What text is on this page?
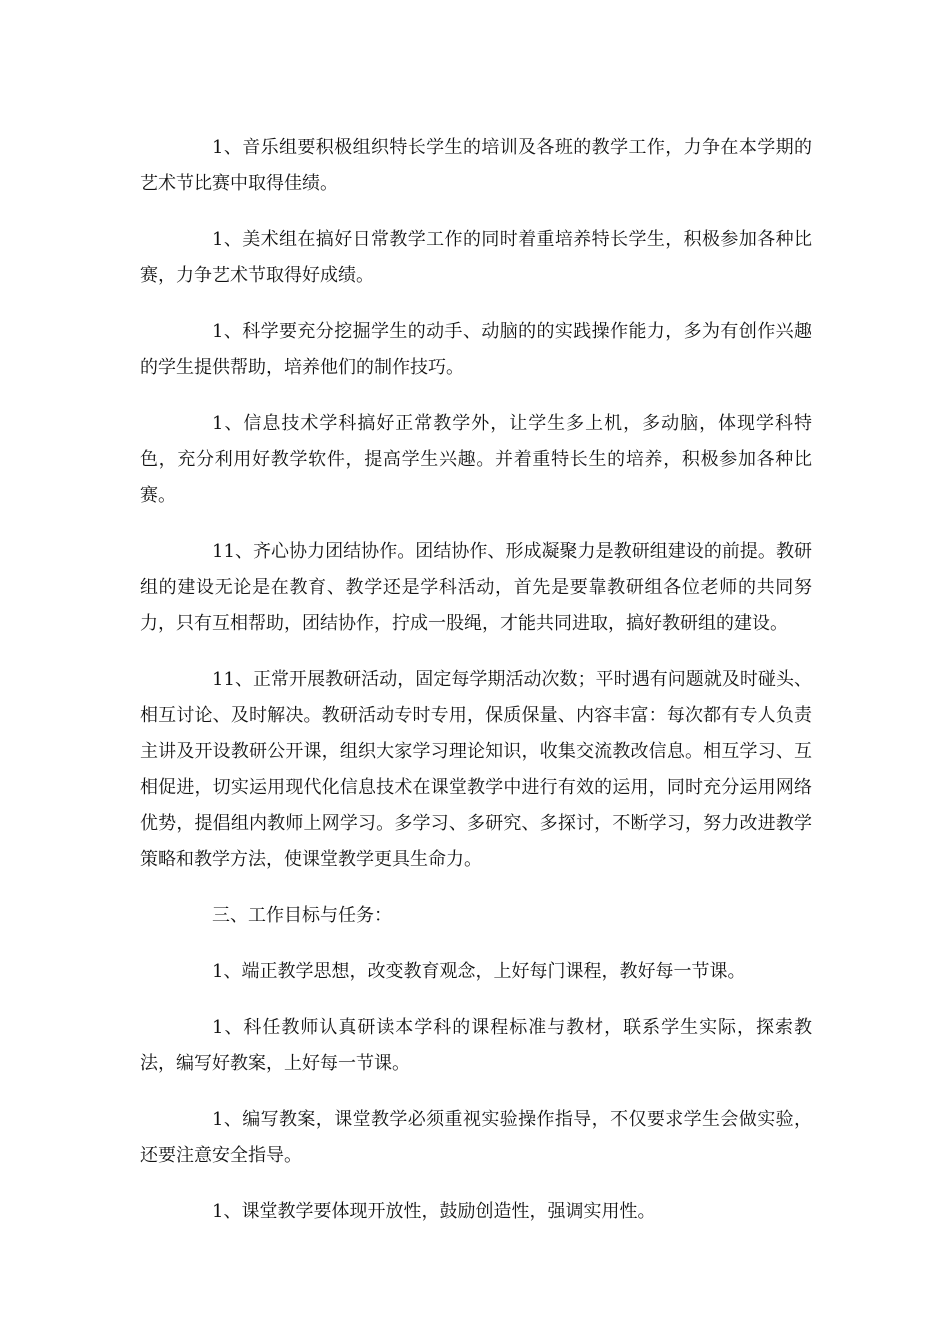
1、音乐组要积极组织特长学生的培训及各班的教学工作，力争在本学期的艺术节比赛中取得佳绩。

1、美术组在搞好日常教学工作的同时着重培养特长学生，积极参加各种比赛，力争艺术节取得好成绩。

1、科学要充分挖掘学生的动手、动脑的的实践操作能力，多为有创作兴趣的学生提供帮助，培养他们的制作技巧。

1、信息技术学科搞好正常教学外，让学生多上机，多动脑，体现学科特色，充分利用好教学软件，提高学生兴趣。并着重特长生的培养，积极参加各种比赛。

11、齐心协力团结协作。团结协作、形成凝聚力是教研组建设的前提。教研组的建设无论是在教育、教学还是学科活动，首先是要靠教研组各位老师的共同努力，只有互相帮助，团结协作，拧成一股绳，才能共同进取，搞好教研组的建设。

11、正常开展教研活动，固定每学期活动次数；平时遇有问题就及时碰头、相互讨论、及时解决。教研活动专时专用，保质保量、内容丰富：每次都有专人负责主讲及开设教研公开课，组织大家学习理论知识，收集交流教改信息。相互学习、互相促进，切实运用现代化信息技术在课堂教学中进行有效的运用，同时充分运用网络优势，提倡组内教师上网学习。多学习、多研究、多探讨，不断学习，努力改进教学策略和教学方法，使课堂教学更具生命力。

三、工作目标与任务：

1、端正教学思想，改变教育观念，上好每门课程，教好每一节课。

1、科任教师认真研读本学科的课程标准与教材，联系学生实际，探索教法，编写好教案，上好每一节课。

1、编写教案，课堂教学必须重视实验操作指导，不仅要求学生会做实验，还要注意安全指导。

1、课堂教学要体现开放性，鼓励创造性，强调实用性。
